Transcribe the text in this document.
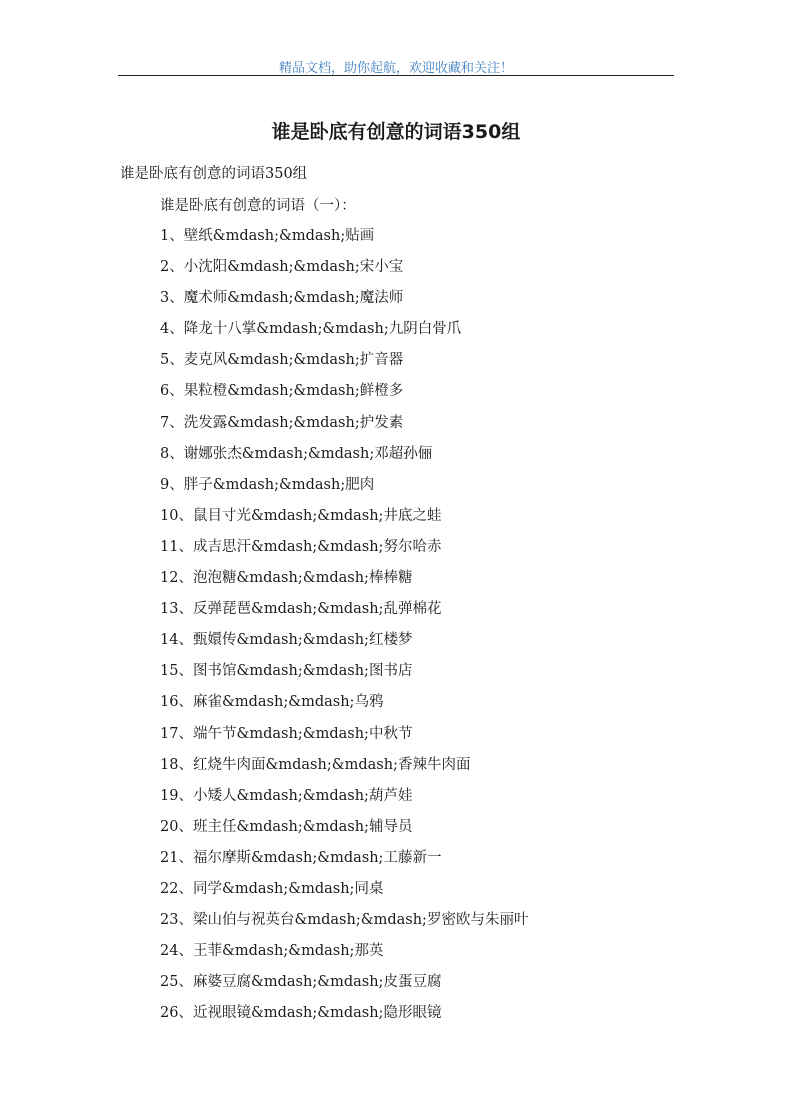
精品文档，助你起航，欢迎收藏和关注！
谁是卧底有创意的词语350组
谁是卧底有创意的词语350组
谁是卧底有创意的词语（一）：
1、壁纸&mdash;&mdash;贴画
2、小沈阳&mdash;&mdash;宋小宝
3、魔术师&mdash;&mdash;魔法师
4、降龙十八掌&mdash;&mdash;九阴白骨爪
5、麦克风&mdash;&mdash;扩音器
6、果粒橙&mdash;&mdash;鲜橙多
7、洗发露&mdash;&mdash;护发素
8、谢娜张杰&mdash;&mdash;邓超孙俪
9、胖子&mdash;&mdash;肥肉
10、鼠目寸光&mdash;&mdash;井底之蛙
11、成吉思汗&mdash;&mdash;努尔哈赤
12、泡泡糖&mdash;&mdash;棒棒糖
13、反弹琵琶&mdash;&mdash;乱弹棉花
14、甄嬛传&mdash;&mdash;红楼梦
15、图书馆&mdash;&mdash;图书店
16、麻雀&mdash;&mdash;乌鸦
17、端午节&mdash;&mdash;中秋节
18、红烧牛肉面&mdash;&mdash;香辣牛肉面
19、小矮人&mdash;&mdash;葫芦娃
20、班主任&mdash;&mdash;辅导员
21、福尔摩斯&mdash;&mdash;工藤新一
22、同学&mdash;&mdash;同桌
23、梁山伯与祝英台&mdash;&mdash;罗密欧与朱丽叶
24、王菲&mdash;&mdash;那英
25、麻婆豆腐&mdash;&mdash;皮蛋豆腐
26、近视眼镜&mdash;&mdash;隐形眼镜
